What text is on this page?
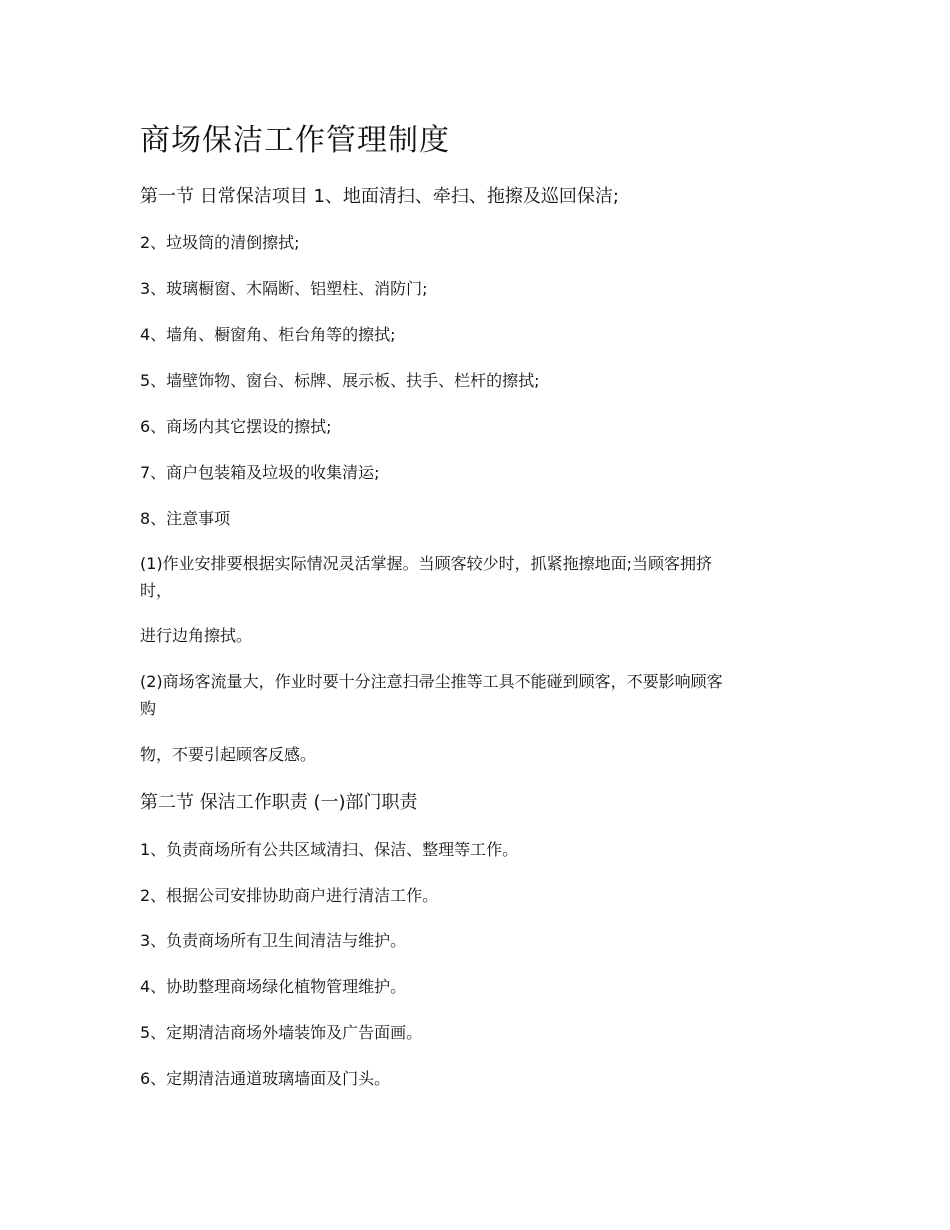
商场保洁工作管理制度

第一节 日常保洁项目 1、地面清扫、牵扫、拖擦及巡回保洁;

2、垃圾筒的清倒擦拭;

3、玻璃橱窗、木隔断、铝塑柱、消防门;

4、墙角、橱窗角、柜台角等的擦拭;

5、墙壁饰物、窗台、标牌、展示板、扶手、栏杆的擦拭;

6、商场内其它摆设的擦拭;

7、商户包装箱及垃圾的收集清运;

8、注意事项

(1)作业安排要根据实际情况灵活掌握。当顾客较少时，抓紧拖擦地面;当顾客拥挤

时，

进行边角擦拭。

(2)商场客流量大，作业时要十分注意扫帚尘推等工具不能碰到顾客，不要影响顾客

购

物，不要引起顾客反感。

第二节 保洁工作职责 (一)部门职责

1、负责商场所有公共区域清扫、保洁、整理等工作。

2、根据公司安排协助商户进行清洁工作。

3、负责商场所有卫生间清洁与维护。

4、协助整理商场绿化植物管理维护。

5、定期清洁商场外墙装饰及广告面画。

6、定期清洁通道玻璃墙面及门头。
